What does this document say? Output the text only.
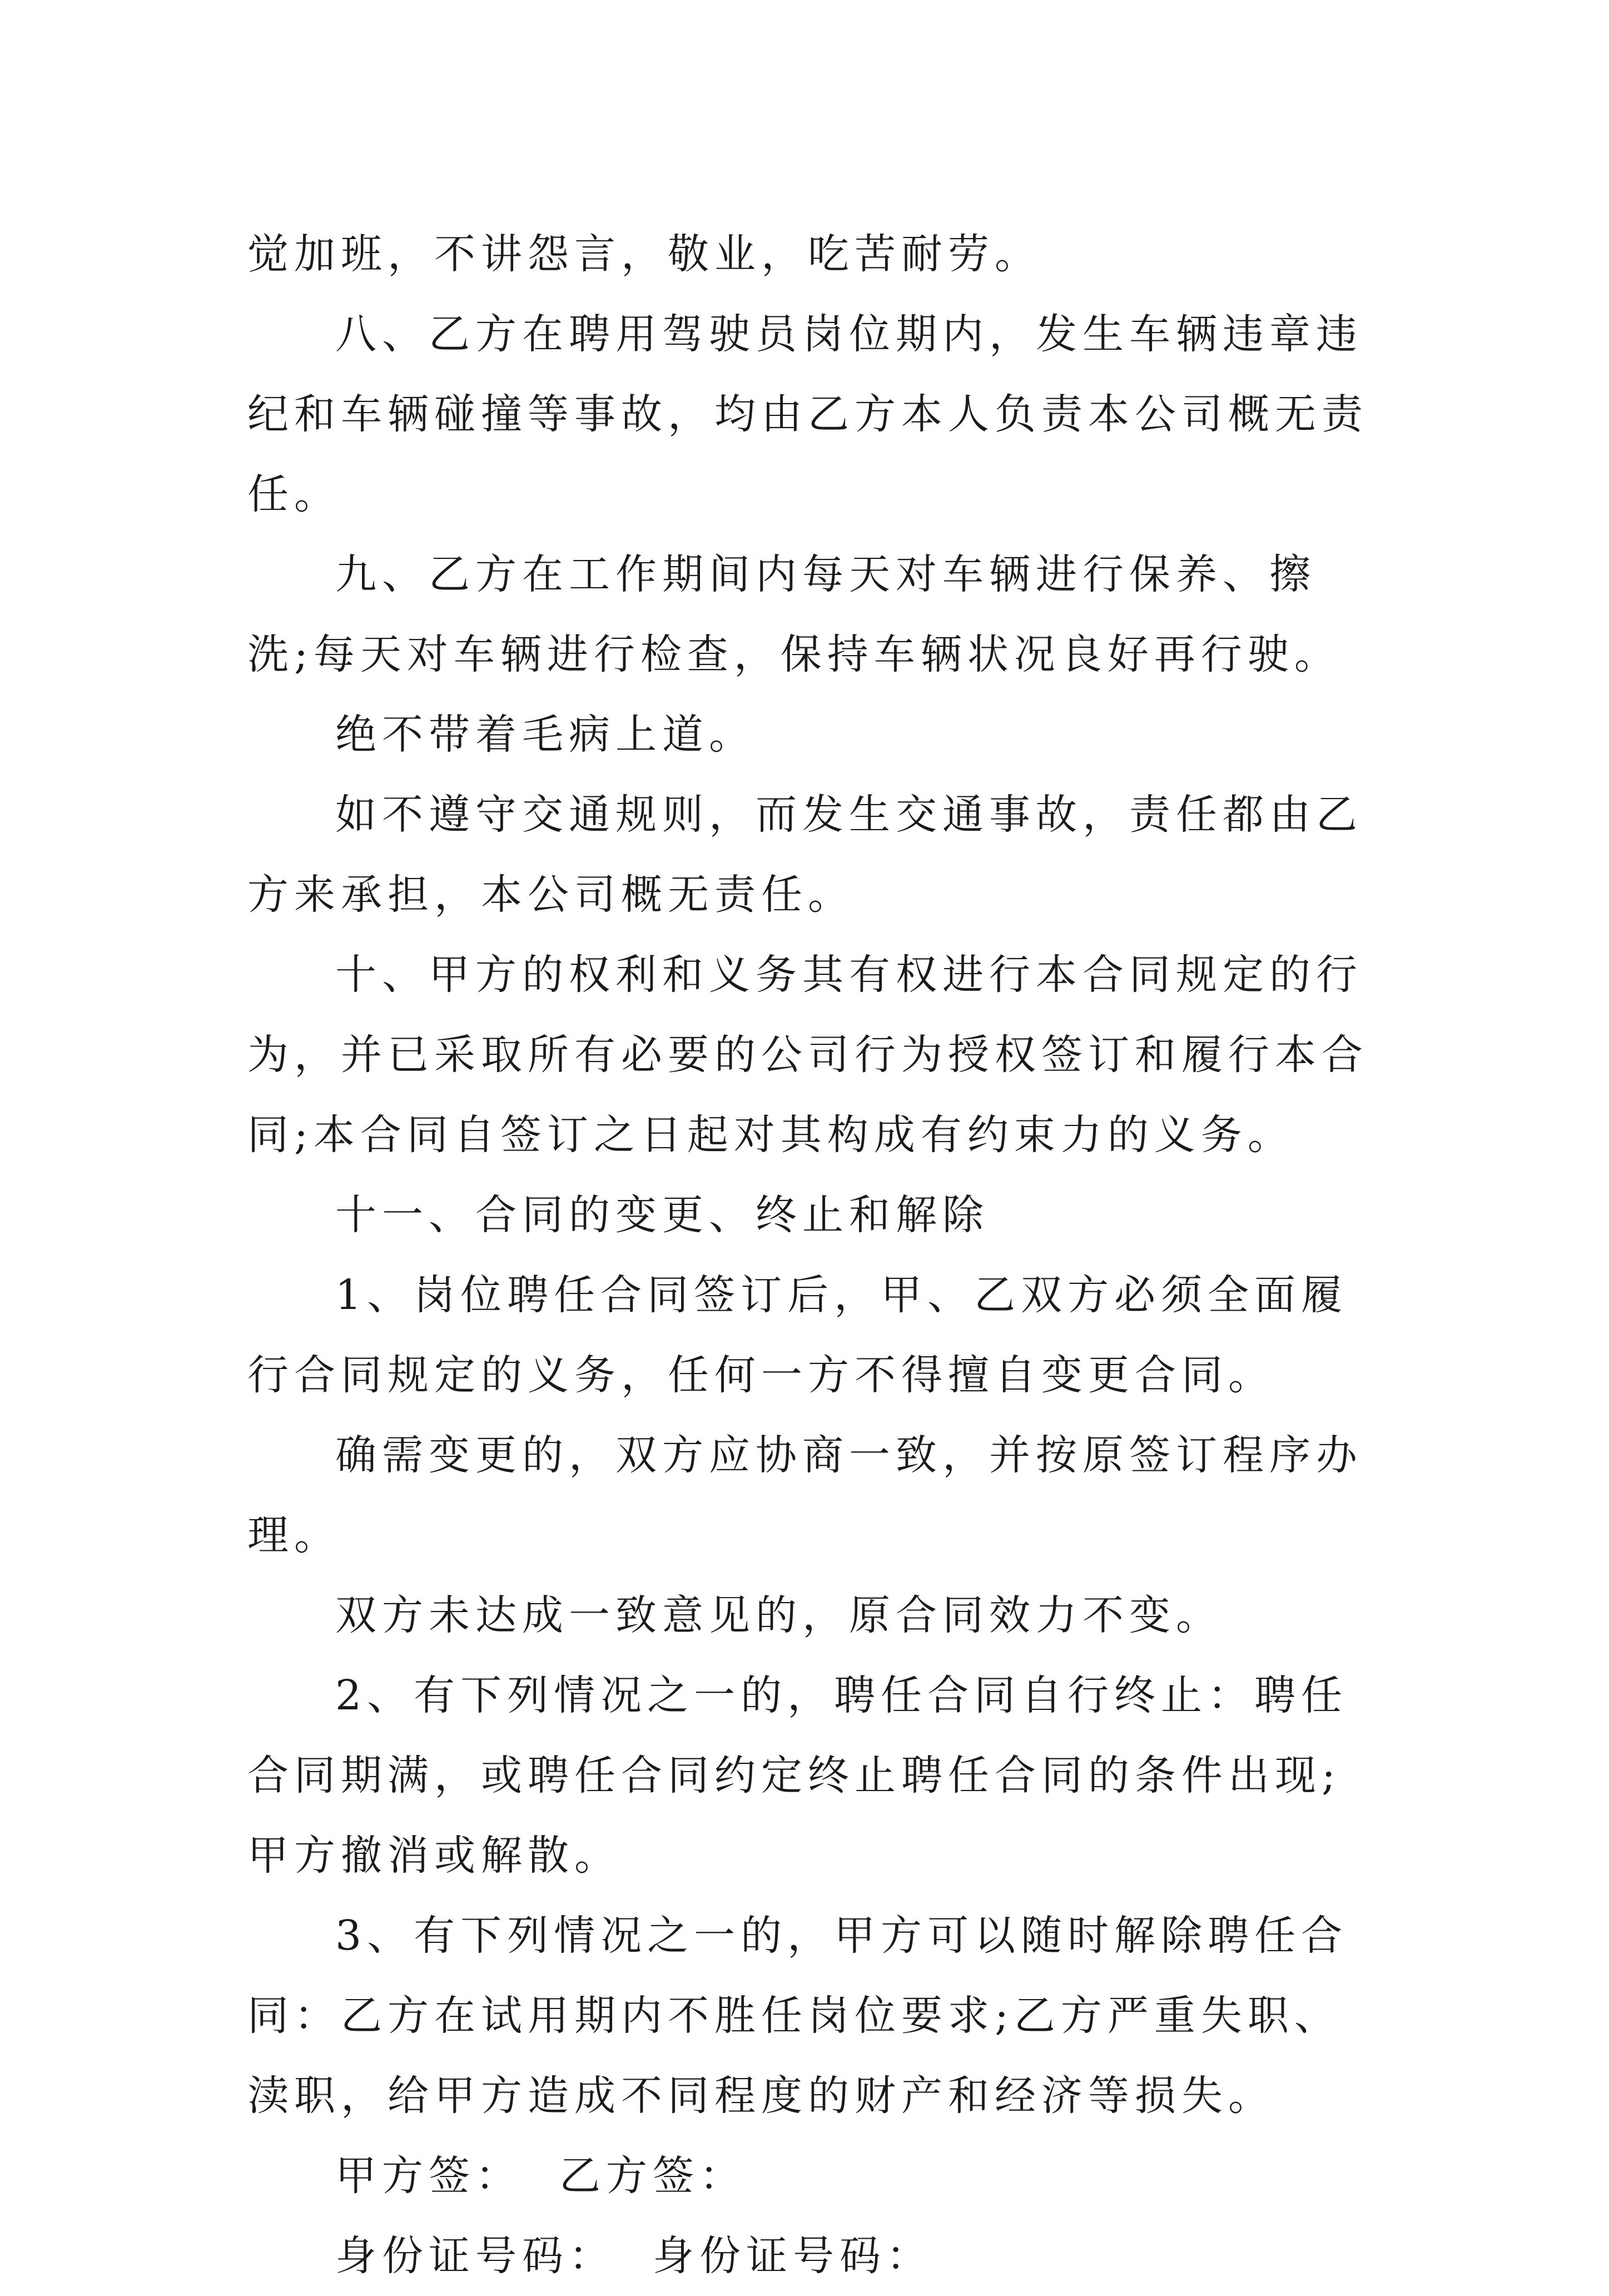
觉加班，不讲怨言，敬业，吃苦耐劳。

八、乙方在聘用驾驶员岗位期内，发生车辆违章违纪和车辆碰撞等事故，均由乙方本人负责本公司概无责任。

九、乙方在工作期间内每天对车辆进行保养、擦洗;每天对车辆进行检查，保持车辆状况良好再行驶。

绝不带着毛病上道。

如不遵守交通规则，而发生交通事故，责任都由乙方来承担，本公司概无责任。

十、甲方的权利和义务其有权进行本合同规定的行为，并已采取所有必要的公司行为授权签订和履行本合同;本合同自签订之日起对其构成有约束力的义务。

十一、合同的变更、终止和解除

1、岗位聘任合同签订后，甲、乙双方必须全面履行合同规定的义务，任何一方不得擅自变更合同。

确需变更的，双方应协商一致，并按原签订程序办理。

双方未达成一致意见的，原合同效力不变。

2、有下列情况之一的，聘任合同自行终止：聘任合同期满，或聘任合同约定终止聘任合同的条件出现;甲方撤消或解散。

3、有下列情况之一的，甲方可以随时解除聘任合同：乙方在试用期内不胜任岗位要求;乙方严重失职、渎职，给甲方造成不同程度的财产和经济等损失。

甲方签：  乙方签：

身份证号码：  身份证号码：
